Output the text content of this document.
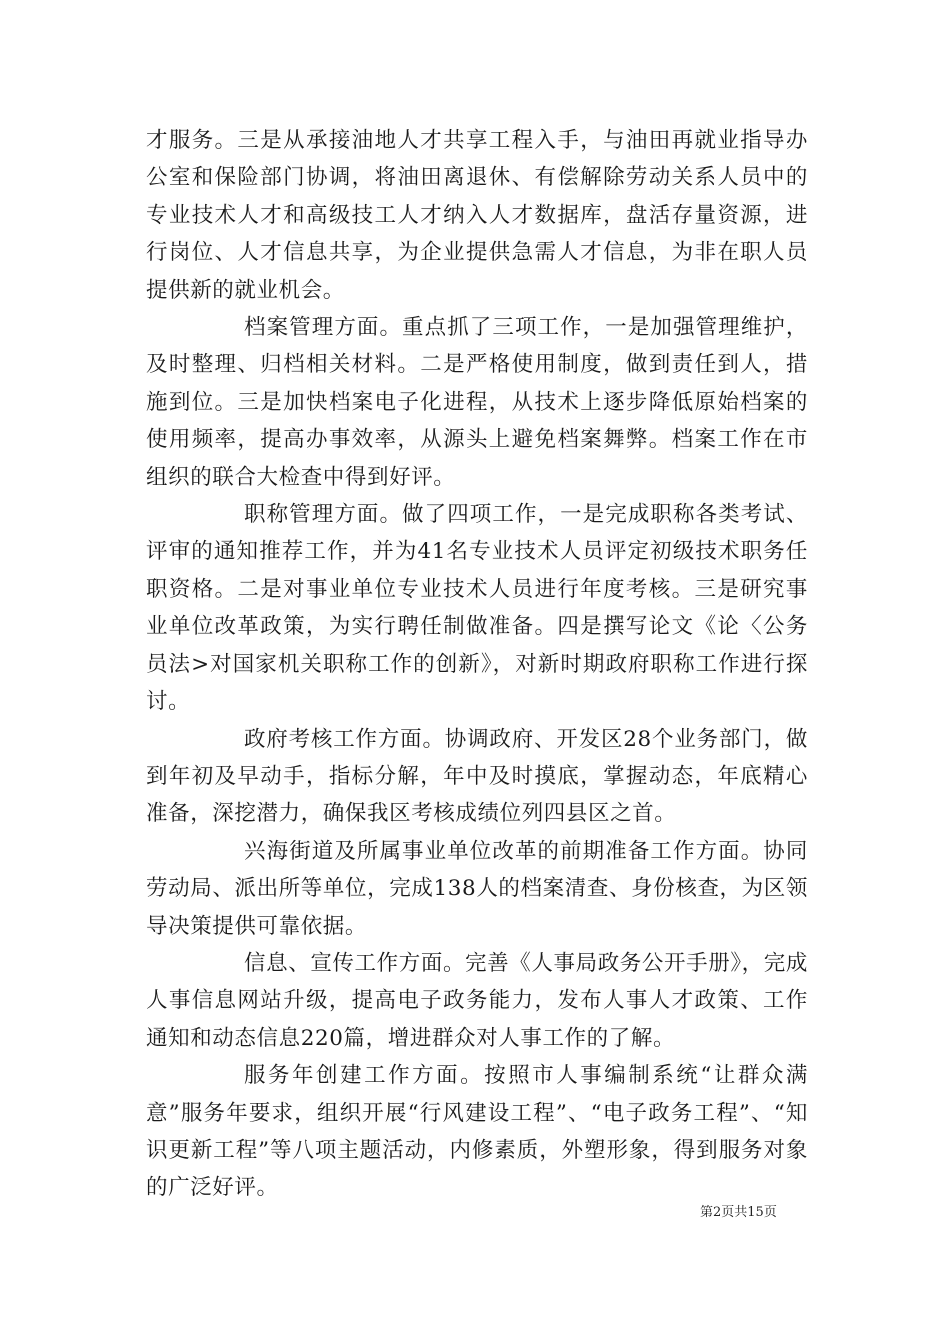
才服务。三是从承接油地人才共享工程入手，与油田再就业指导办公室和保险部门协调，将油田离退休、有偿解除劳动关系人员中的专业技术人才和高级技工人才纳入人才数据库，盘活存量资源，进行岗位、人才信息共享，为企业提供急需人才信息，为非在职人员提供新的就业机会。

档案管理方面。重点抓了三项工作，一是加强管理维护，及时整理、归档相关材料。二是严格使用制度，做到责任到人，措施到位。三是加快档案电子化进程，从技术上逐步降低原始档案的使用频率，提高办事效率，从源头上避免档案舞弊。档案工作在市组织的联合大检查中得到好评。

职称管理方面。做了四项工作，一是完成职称各类考试、评审的通知推荐工作，并为41名专业技术人员评定初级技术职务任职资格。二是对事业单位专业技术人员进行年度考核。三是研究事业单位改革政策，为实行聘任制做准备。四是撰写论文《论〈公务员法>对国家机关职称工作的创新》，对新时期政府职称工作进行探讨。

政府考核工作方面。协调政府、开发区28个业务部门，做到年初及早动手，指标分解，年中及时摸底，掌握动态，年底精心准备，深挖潜力，确保我区考核成绩位列四县区之首。

兴海街道及所属事业单位改革的前期准备工作方面。协同劳动局、派出所等单位，完成138人的档案清查、身份核查，为区领导决策提供可靠依据。

信息、宣传工作方面。完善《人事局政务公开手册》，完成人事信息网站升级，提高电子政务能力，发布人事人才政策、工作通知和动态信息220篇，增进群众对人事工作的了解。

服务年创建工作方面。按照市人事编制系统“让群众满意”服务年要求，组织开展“行风建设工程”、“电子政务工程”、“知识更新工程”等八项主题活动，内修素质，外塑形象，得到服务对象的广泛好评。

第2页共15页
